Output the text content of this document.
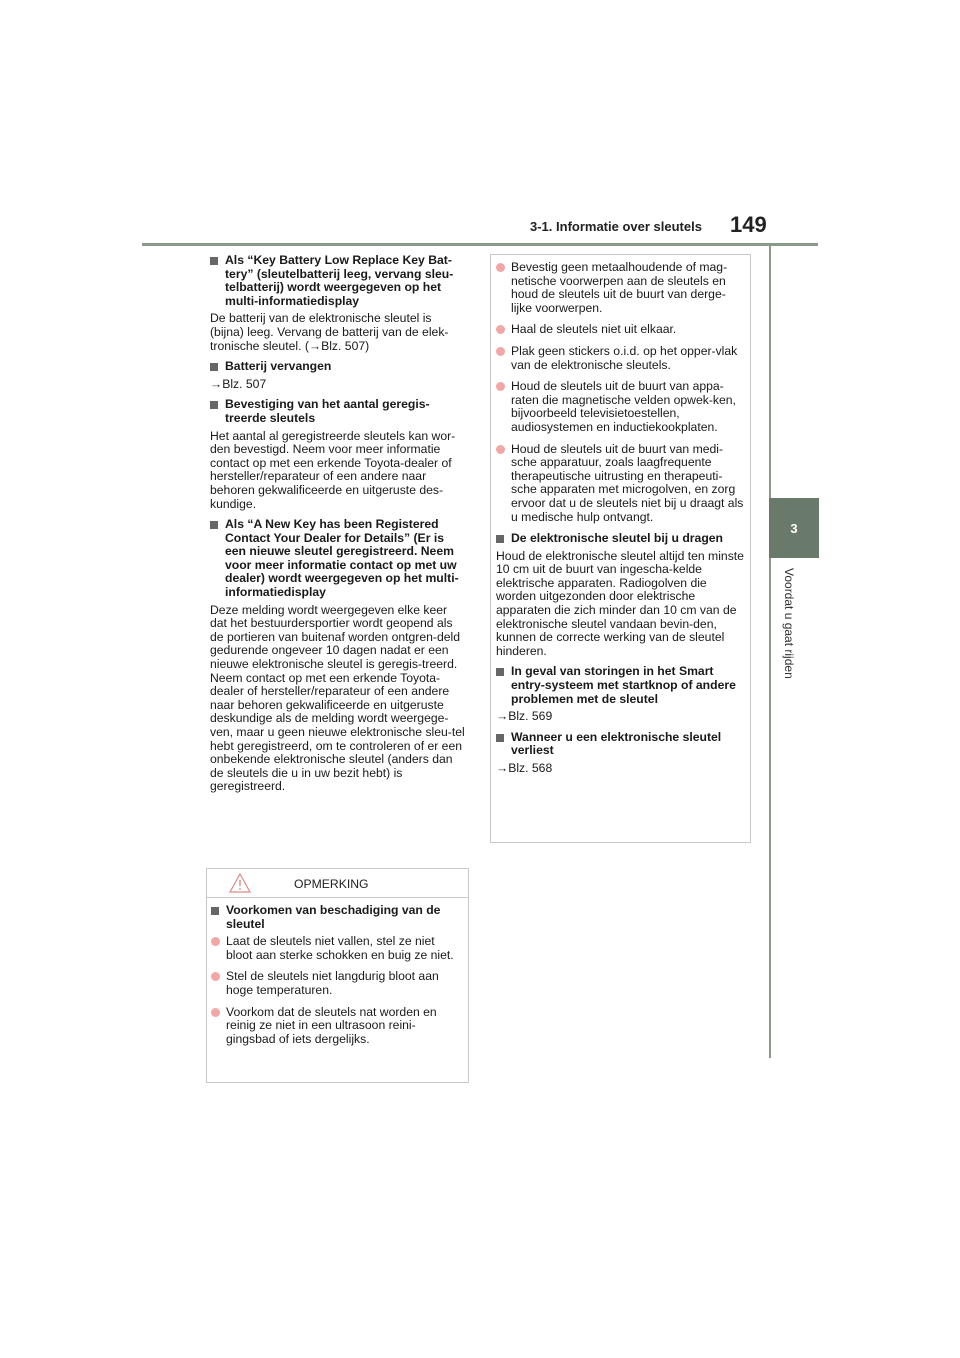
3-1. Informatie over sleutels 149
3
Voordat u gaat rijden
Als “Key Battery Low Replace Key Bat-tery” (sleutelbatterij leeg, vervang sleu-telbatterij) wordt weergegeven op het multi-informatiedisplay

De batterij van de elektronische sleutel is (bijna) leeg. Vervang de batterij van de elek-tronische sleutel. (→Blz. 507)

Batterij vervangen

→Blz. 507

Bevestiging van het aantal geregis-treerde sleutels

Het aantal al geregistreerde sleutels kan wor-den bevestigd. Neem voor meer informatie contact op met een erkende Toyota-dealer of hersteller/reparateur of een andere naar behoren gekwalificeerde en uitgeruste des-kundige.

Als “A New Key has been Registered Contact Your Dealer for Details” (Er is een nieuwe sleutel geregistreerd. Neem voor meer informatie contact op met uw dealer) wordt weergegeven op het multi-informatiedisplay

Deze melding wordt weergegeven elke keer dat het bestuurdersportier wordt geopend als de portieren van buitenaf worden ontgren-deld gedurende ongeveer 10 dagen nadat er een nieuwe elektronische sleutel is geregis-treerd.

Neem contact op met een erkende Toyota-dealer of hersteller/reparateur of een andere naar behoren gekwalificeerde en uitgeruste deskundige als de melding wordt weergege-ven, maar u geen nieuwe elektronische sleu-tel hebt geregistreerd, om te controleren of er een onbekende elektronische sleutel (anders dan de sleutels die u in uw bezit hebt) is geregistreerd.

OPMERKING
Voorkomen van beschadiging van de sleutel
Laat de sleutels niet vallen, stel ze niet bloot aan sterke schokken en buig ze niet.
Stel de sleutels niet langdurig bloot aan hoge temperaturen.
Voorkom dat de sleutels nat worden en reinig ze niet in een ultrasoon reini-gingsbad of iets dergelijks.
Bevestig geen metaalhoudende of mag-netische voorwerpen aan de sleutels en houd de sleutels uit de buurt van derge-lijke voorwerpen.
Haal de sleutels niet uit elkaar.
Plak geen stickers o.i.d. op het opper-vlak van de elektronische sleutels.
Houd de sleutels uit de buurt van appa-raten die magnetische velden opwek-ken, bijvoorbeeld televisietoestellen, audiosystemen en inductiekookplaten.
Houd de sleutels uit de buurt van medi-sche apparatuur, zoals laagfrequente therapeutische uitrusting en therapeuti-sche apparaten met microgolven, en zorg ervoor dat u de sleutels niet bij u draagt als u medische hulp ontvangt.
De elektronische sleutel bij u dragen

Houd de elektronische sleutel altijd ten minste 10 cm uit de buurt van ingescha-kelde elektrische apparaten. Radiogolven die worden uitgezonden door elektrische apparaten die zich minder dan 10 cm van de elektronische sleutel vandaan bevin-den, kunnen de correcte werking van de sleutel hinderen.

In geval van storingen in het Smart entry-systeem met startknop of andere problemen met de sleutel

→Blz. 569

Wanneer u een elektronische sleutel verliest

→Blz. 568
